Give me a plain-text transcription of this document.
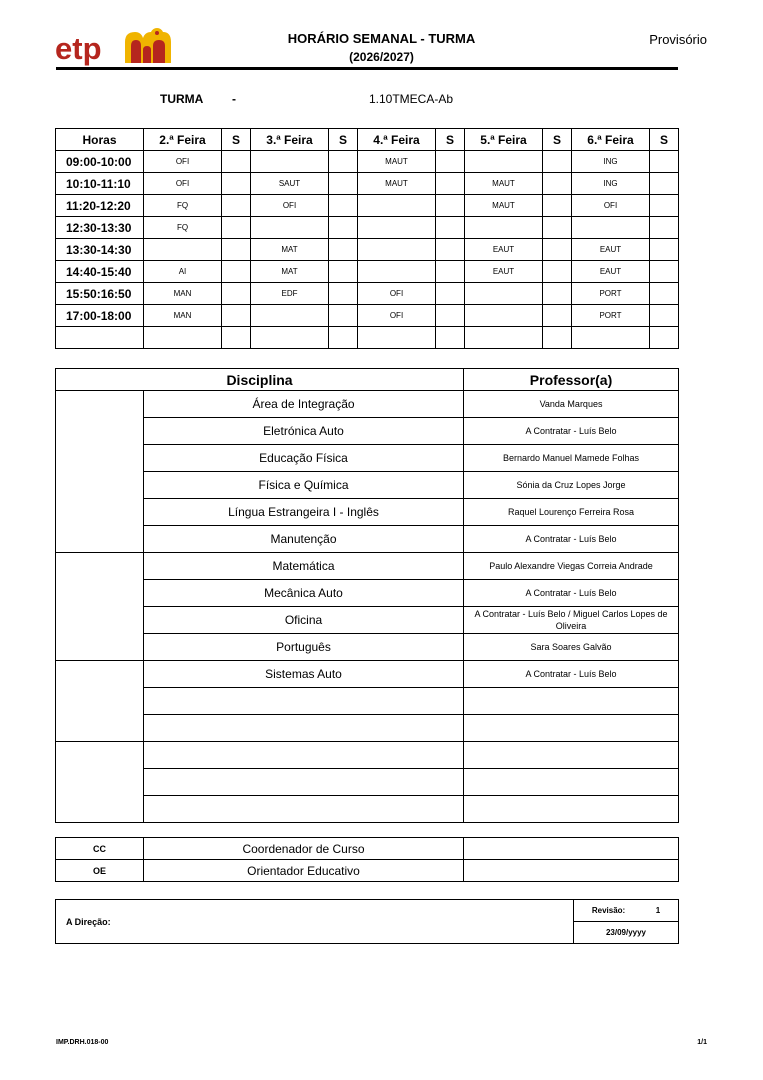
etp	HORÁRIO SEMANAL - TURMA
(2026/2027)
Provisório
TURMA -	1.10TMECA-Ab
Horas	2.ª Feira	S	3.ª Feira	S	4.ª Feira	S	5.ª Feira	S	6.ª Feira	S
09:00-10:00	OFI				MAUT				ING	
10:10-11:10	OFI		SAUT		MAUT		MAUT		ING	
11:20-12:20	FQ		OFI				MAUT		OFI	
12:30-13:30	FQ									
13:30-14:30			MAT				EAUT		EAUT	
14:40-15:40	AI		MAT				EAUT		EAUT	
15:50:16:50	MAN		EDF		OFI				PORT	
17:00-18:00	MAN				OFI				PORT	

Disciplina		Professor(a)
	Área de Integração	Vanda Marques
	Eletrónica Auto	A Contratar - Luís Belo
	Educação Física	Bernardo Manuel Mamede Folhas
	Física e Química	Sónia da Cruz Lopes Jorge
	Língua Estrangeira I - Inglês	Raquel Lourenço Ferreira Rosa
	Manutenção	A Contratar - Luís Belo
	Matemática	Paulo Alexandre Viegas Correia Andrade
	Mecânica Auto	A Contratar - Luís Belo
	Oficina	A Contratar - Luís Belo / Miguel Carlos Lopes de Oliveira
	Português	Sara Soares Galvão
	Sistemas Auto	A Contratar - Luís Belo

CC	Coordenador de Curso	
OE	Orientador Educativo	
A Direção:	Revisão:	1
23/09/yyyy
IMP.DRH.018-00	1/1
